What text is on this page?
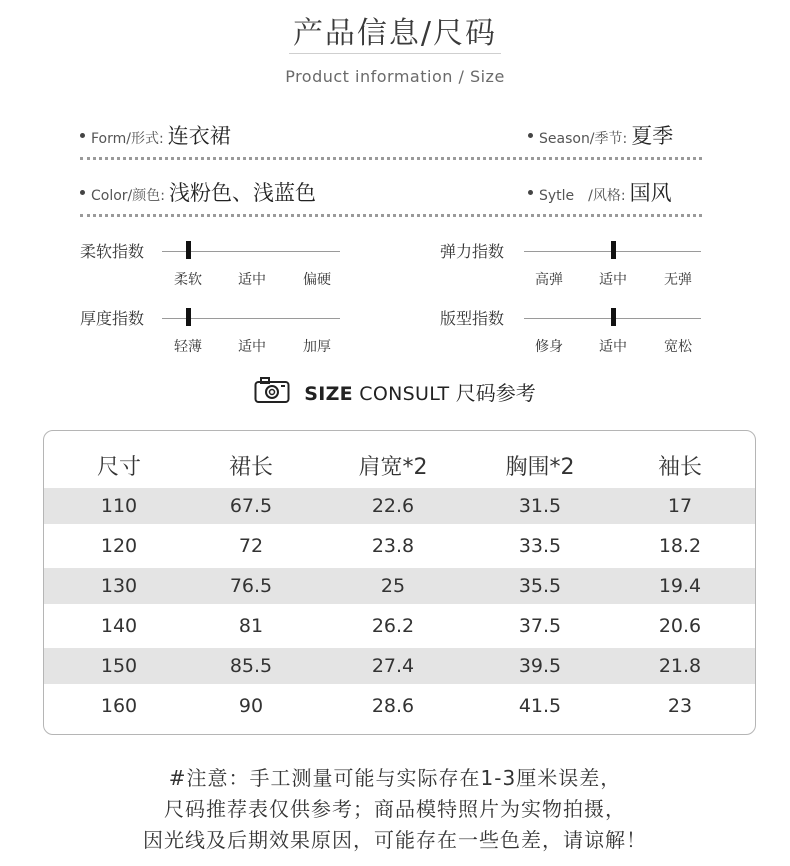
产品信息/尺码
Product information / Size
Form/形式: 连衣裙	Season/季节: 夏季
Color/颜色: 浅粉色、浅蓝色	Sytle　/风格: 国风
柔软指数
柔软	适中	偏硬
弹力指数
高弹	适中	无弹
厚度指数
轻薄	适中	加厚
版型指数
修身	适中	宽松
SIZE CONSULT 尺码参考
尺寸	裙长	肩宽*2	胸围*2	袖长
110	67.5	22.6	31.5	17
120	72	23.8	33.5	18.2
130	76.5	25	35.5	19.4
140	81	26.2	37.5	20.6
150	85.5	27.4	39.5	21.8
160	90	28.6	41.5	23
#注意：手工测量可能与实际存在1-3厘米误差，
尺码推荐表仅供参考；商品模特照片为实物拍摄，
因光线及后期效果原因，可能存在一些色差，请谅解！
